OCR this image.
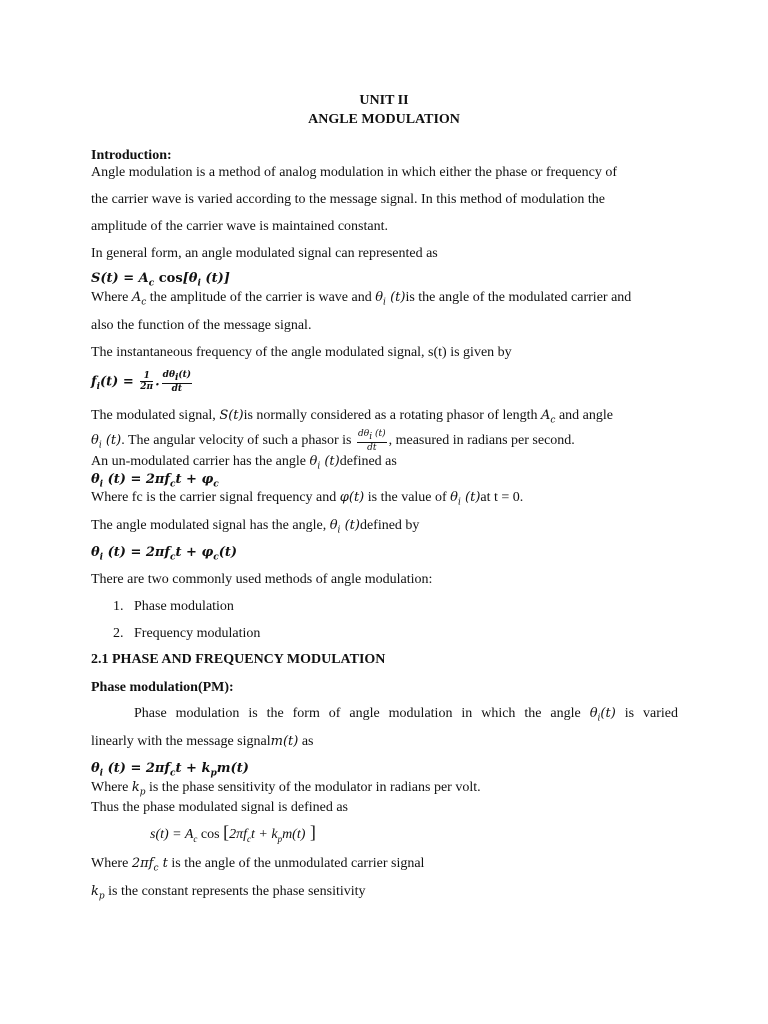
UNIT II
ANGLE MODULATION
Introduction:
Angle modulation is a method of analog modulation in which either the phase or frequency of
the carrier wave is varied according to the message signal. In this method of modulation the
amplitude of the carrier wave is maintained constant.
In general form, an angle modulated signal can represented as
$S(t) = A_c$ $\cos[\theta_i$ (t)]
Where $A_c$ the amplitude of the carrier is wave and $\theta_i$ (t)is the angle of the modulated carrier and
also the function of the message signal.
The instantaneous frequency of the angle modulated signal, s(t) is given by
$f_i(t) = \frac{1}{2\pi}$ . $\frac{d\theta_i(t)}{dt}$
The modulated signal, S(t)is normally considered as a rotating phasor of length $A_c$ and angle
$\theta_i$ (t). The angular velocity of such a phasor is $\frac{d\theta_i (t)}{dt}$ , measured in radians per second.
An un-modulated carrier has the angle $\theta_i$ (t)defined as
$\theta_i$ $(t) = 2\pi f_ct + \varphi_c$
Where fc is the carrier signal frequency and φ(t) is the value of $\theta_i$ (t)at t = 0.
The angle modulated signal has the angle, $\theta_i$ (t)defined by
$\theta_i$ $(t) = 2\pi f_ct + \varphi_c(t)$
There are two commonly used methods of angle modulation:
1. Phase modulation
2. Frequency modulation
2.1 PHASE AND FREQUENCY MODULATION
Phase modulation(PM):
Phase modulation is the form of angle modulation in which the angle $\theta_i(t)$ is varied
linearly with the message signalm(t) as
$\theta_i$ $(t) = 2\pi f_ct + k_pm(t)$
Where $k_p$ is the phase sensitivity of the modulator in radians per volt.
Thus the phase modulated signal is defined as
$s(t) = A_c$ $\cos [2\pi f_ct + k_pm(t)$ ]
Where $2\pi f_c$ t is the angle of the unmodulated carrier signal
$k_p$ is the constant represents the phase sensitivity
